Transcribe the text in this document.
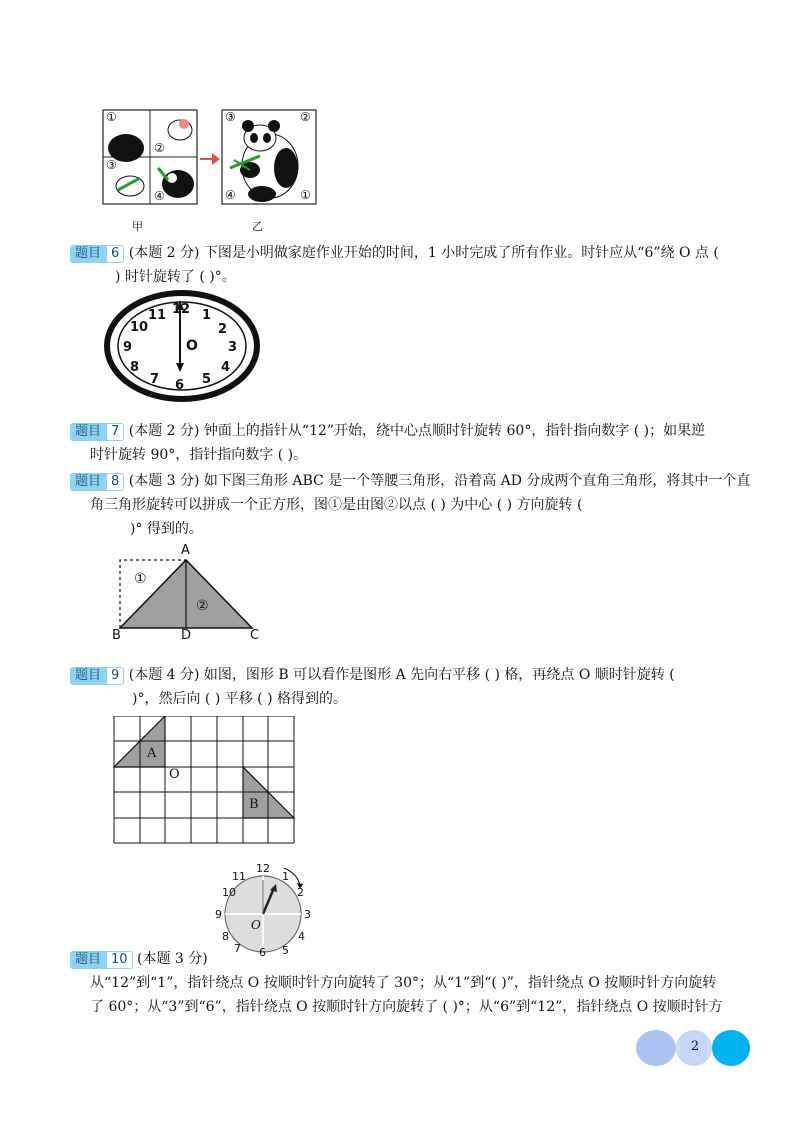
①
②
③
④
③	②
④	①
甲	乙
题目 6 (本题 2 分) 下图是小明做家庭作业开始的时间，1 小时完成了所有作业。时针应从“6”绕 O 点 (
) 时针旋转了 ( )°。
12 1
2
3
4
5
6
7
8
9
10
11
O
题目 7 (本题 2 分) 钟面上的指针从“12”开始，绕中心点顺时针旋转 60°，指针指向数字 ( )；如果逆
时针旋转 90°，指针指向数字 ( )。
题目 8 (本题 3 分) 如下图三角形 ABC 是一个等腰三角形，沿着高 AD 分成两个直角三角形，将其中一个直
角三角形旋转可以拼成一个正方形，图①是由图②以点 ( ) 为中心 ( ) 方向旋转 (
)° 得到的。
A
B	D	C
①
②
题目 9 (本题 4 分) 如图，图形 B 可以看作是图形 A 先向右平移 ( ) 格，再绕点 O 顺时针旋转 (
)°，然后向 ( ) 平移 ( ) 格得到的。
A
B
O
12
1
2
3
4
5
6
7
8
9
10
11
O
题目 10 (本题 3 分)
从“12”到“1”，指针绕点 O 按顺时针方向旋转了 30°；从“1”到“( )”，指针绕点 O 按顺时针方向旋转
了 60°；从“3”到“6”，指针绕点 O 按顺时针方向旋转了 ( )°；从“6”到“12”，指针绕点 O 按顺时针方
2
